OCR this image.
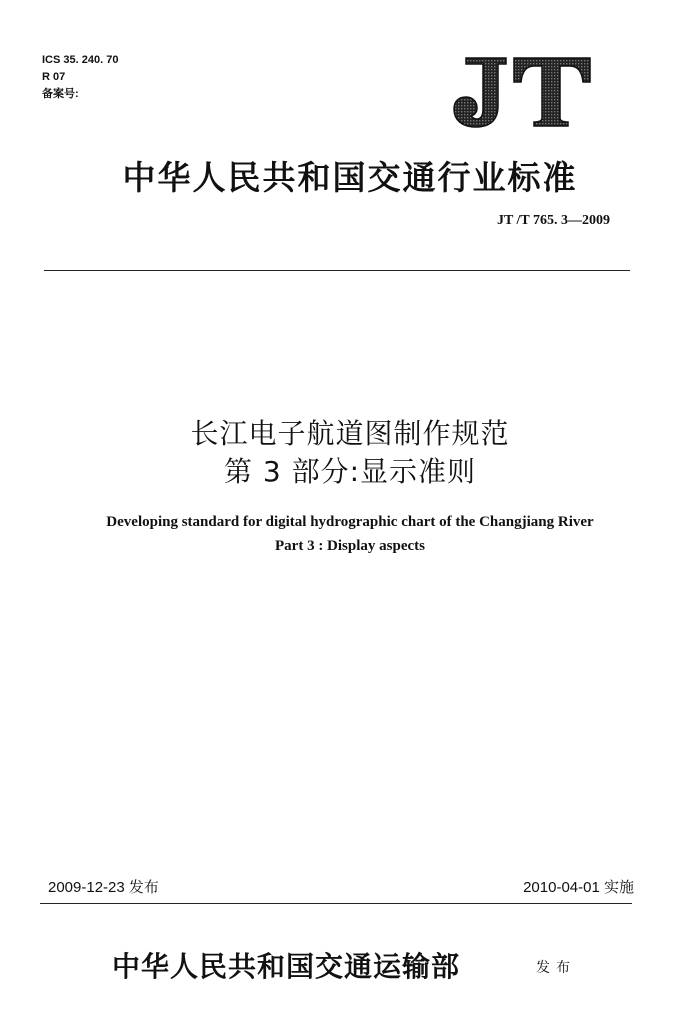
ICS 35. 240. 70
R 07
备案号:
中华人民共和国交通行业标准
JT /T 765. 3—2009
长江电子航道图制作规范
第 3 部分:显示准则
Developing standard for digital hydrographic chart of the Changjiang River
Part 3 : Display aspects
2009-12-23 发布	2010-04-01 实施
中华人民共和国交通运输部	发布
